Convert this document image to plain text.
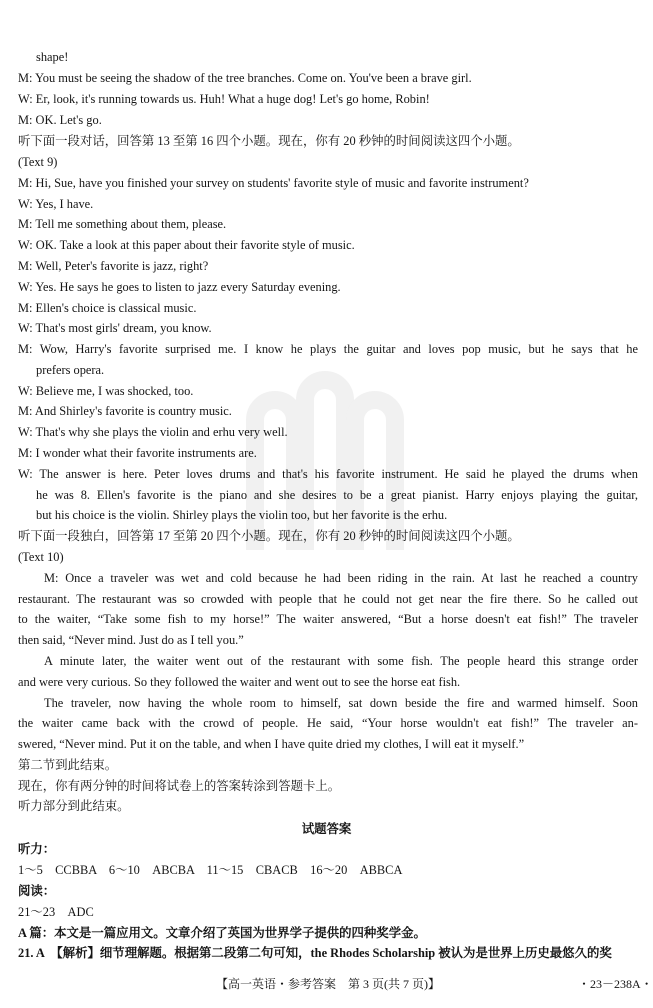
shape!
M: You must be seeing the shadow of the tree branches. Come on. You've been a brave girl.
W: Er, look, it's running towards us. Huh! What a huge dog! Let's go home, Robin!
M: OK. Let's go.
听下面一段对话，回答第 13 至第 16 四个小题。现在，你有 20 秒钟的时间阅读这四个小题。
(Text 9)
M: Hi, Sue, have you finished your survey on students' favorite style of music and favorite instrument?
W: Yes, I have.
M: Tell me something about them, please.
W: OK. Take a look at this paper about their favorite style of music.
M: Well, Peter's favorite is jazz, right?
W: Yes. He says he goes to listen to jazz every Saturday evening.
M: Ellen's choice is classical music.
W: That's most girls' dream, you know.
M: Wow, Harry's favorite surprised me. I know he plays the guitar and loves pop music, but he says that he
prefers opera.
W: Believe me, I was shocked, too.
M: And Shirley's favorite is country music.
W: That's why she plays the violin and erhu very well.
M: I wonder what their favorite instruments are.
W: The answer is here. Peter loves drums and that's his favorite instrument. He said he played the drums when
he was 8. Ellen's favorite is the piano and she desires to be a great pianist. Harry enjoys playing the guitar,
but his choice is the violin. Shirley plays the violin too, but her favorite is the erhu.
听下面一段独白，回答第 17 至第 20 四个小题。现在，你有 20 秒钟的时间阅读这四个小题。
(Text 10)
M: Once a traveler was wet and cold because he had been riding in the rain. At last he reached a country
restaurant. The restaurant was so crowded with people that he could not get near the fire there. So he called out
to the waiter, “Take some fish to my horse!” The waiter answered, “But a horse doesn't eat fish!” The traveler
then said, “Never mind. Just do as I tell you.”
A minute later, the waiter went out of the restaurant with some fish. The people heard this strange order
and were very curious. So they followed the waiter and went out to see the horse eat fish.
The traveler, now having the whole room to himself, sat down beside the fire and warmed himself. Soon
the waiter came back with the crowd of people. He said, “Your horse wouldn't eat fish!” The traveler an-
swered, “Never mind. Put it on the table, and when I have quite dried my clothes, I will eat it myself.”
第二节到此结束。
现在，你有两分钟的时间将试卷上的答案转涂到答题卡上。
听力部分到此结束。
试题答案
听力：
1～5　CCBBA　6～10　ABCBA　11～15　CBACB　16～20　ABBCA
阅读：
21～23　ADC
A 篇：本文是一篇应用文。文章介绍了英国为世界学子提供的四种奖学金。
21. A　【解析】细节理解题。根据第二段第二句可知，the Rhodes Scholarship 被认为是世界上历史最悠久的奖
【高一英语・参考答案　第 3 页(共 7 页)】	・23－238A・
